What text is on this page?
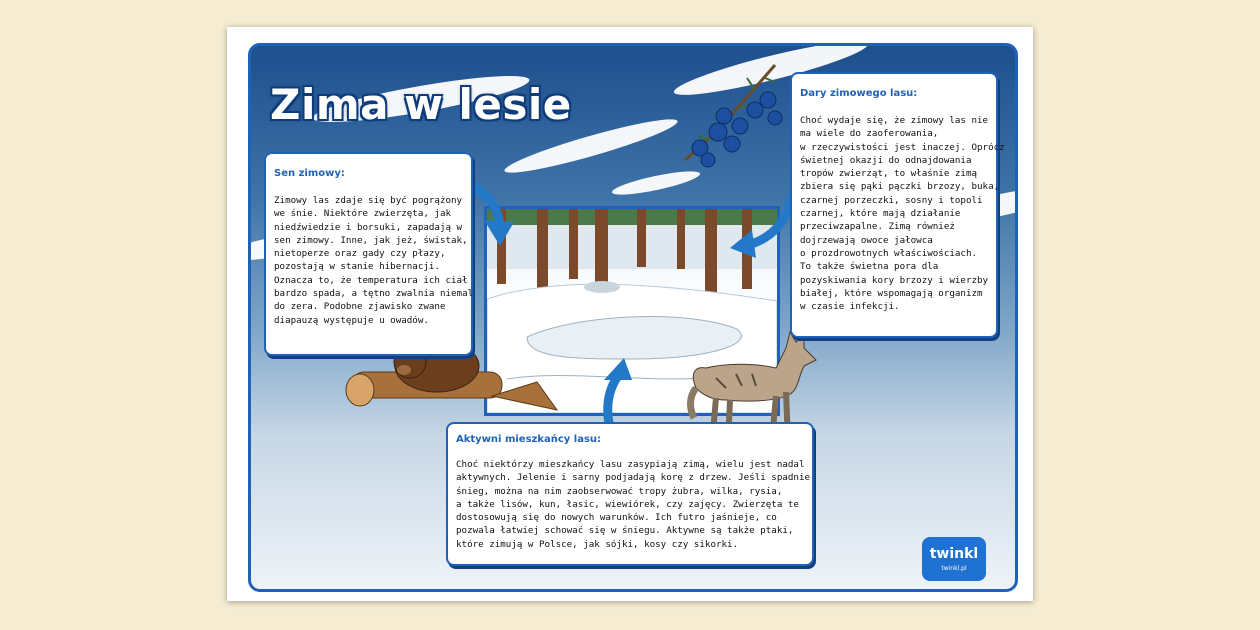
Zima w lesie
Sen zimowy:

Zimowy las zdaje się być pogrążony
we śnie. Niektóre zwierzęta, jak
niedźwiedzie i borsuki, zapadają w
sen zimowy. Inne, jak jeż, świstak,
nietoperze oraz gady czy płazy,
pozostają w stanie hibernacji.
Oznacza to, że temperatura ich ciał
bardzo spada, a tętno zwalnia niemal
do zera. Podobne zjawisko zwane
diapauzą występuje u owadów.

Dary zimowego lasu:

Choć wydaje się, że zimowy las nie
ma wiele do zaoferowania,
w rzeczywistości jest inaczej. Oprócz
świetnej okazji do odnajdowania
tropów zwierząt, to właśnie zimą
zbiera się pąki pączki brzozy, buka,
czarnej porzeczki, sosny i topoli
czarnej, które mają działanie
przeciwzapalne. Zimą również
dojrzewają owoce jałowca
o prozdrowotnych właściwościach.
To także świetna pora dla
pozyskiwania kory brzozy i wierzby
białej, które wspomagają organizm
w czasie infekcji.

Aktywni mieszkańcy lasu:

Choć niektórzy mieszkańcy lasu zasypiają zimą, wielu jest nadal
aktywnych. Jelenie i sarny podjadają korę z drzew. Jeśli spadnie
śnieg, można na nim zaobserwować tropy żubra, wilka, rysia,
a także lisów, kun, łasic, wiewiórek, czy zajęcy. Zwierzęta te
dostosowują się do nowych warunków. Ich futro jaśnieje, co
pozwala łatwiej schować się w śniegu. Aktywne są także ptaki,
które zimują w Polsce, jak sójki, kosy czy sikorki.

twinkl
twinkl.pl
